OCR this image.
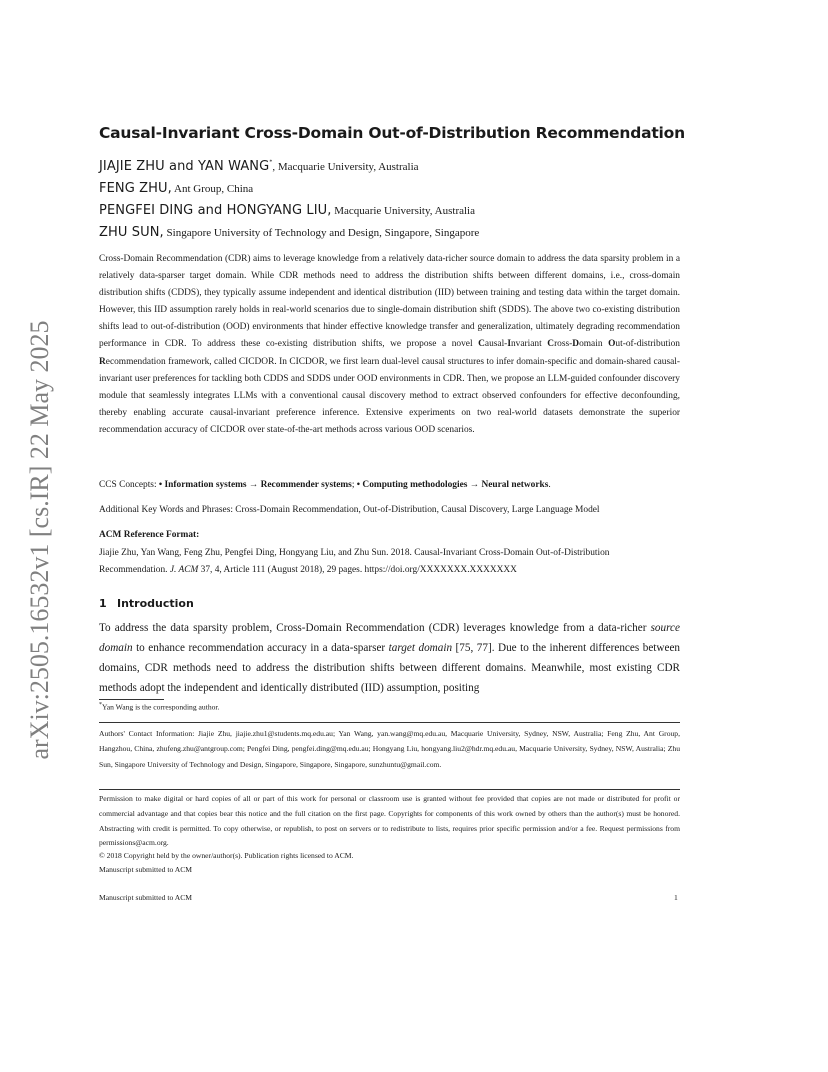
arXiv:2505.16532v1 [cs.IR] 22 May 2025
Causal-Invariant Cross-Domain Out-of-Distribution Recommendation
JIAJIE ZHU and YAN WANG*, Macquarie University, Australia
FENG ZHU, Ant Group, China
PENGFEI DING and HONGYANG LIU, Macquarie University, Australia
ZHU SUN, Singapore University of Technology and Design, Singapore, Singapore
Cross-Domain Recommendation (CDR) aims to leverage knowledge from a relatively data-richer source domain to address the data sparsity problem in a relatively data-sparser target domain. While CDR methods need to address the distribution shifts between different domains, i.e., cross-domain distribution shifts (CDDS), they typically assume independent and identical distribution (IID) between training and testing data within the target domain. However, this IID assumption rarely holds in real-world scenarios due to single-domain distribution shift (SDDS). The above two co-existing distribution shifts lead to out-of-distribution (OOD) environments that hinder effective knowledge transfer and generalization, ultimately degrading recommendation performance in CDR. To address these co-existing distribution shifts, we propose a novel Causal-Invariant Cross-Domain Out-of-distribution Recommendation framework, called CICDOR. In CICDOR, we first learn dual-level causal structures to infer domain-specific and domain-shared causal-invariant user preferences for tackling both CDDS and SDDS under OOD environments in CDR. Then, we propose an LLM-guided confounder discovery module that seamlessly integrates LLMs with a conventional causal discovery method to extract observed confounders for effective deconfounding, thereby enabling accurate causal-invariant preference inference. Extensive experiments on two real-world datasets demonstrate the superior recommendation accuracy of CICDOR over state-of-the-art methods across various OOD scenarios.
CCS Concepts: • Information systems → Recommender systems; • Computing methodologies → Neural networks.
Additional Key Words and Phrases: Cross-Domain Recommendation, Out-of-Distribution, Causal Discovery, Large Language Model
ACM Reference Format:
Jiajie Zhu, Yan Wang, Feng Zhu, Pengfei Ding, Hongyang Liu, and Zhu Sun. 2018. Causal-Invariant Cross-Domain Out-of-Distribution Recommendation. J. ACM 37, 4, Article 111 (August 2018), 29 pages. https://doi.org/XXXXXXX.XXXXXXX
1 Introduction
To address the data sparsity problem, Cross-Domain Recommendation (CDR) leverages knowledge from a data-richer source domain to enhance recommendation accuracy in a data-sparser target domain [75, 77]. Due to the inherent differences between domains, CDR methods need to address the distribution shifts between different domains. Meanwhile, most existing CDR methods adopt the independent and identically distributed (IID) assumption, positing
*Yan Wang is the corresponding author.
Authors' Contact Information: Jiajie Zhu, jiajie.zhu1@students.mq.edu.au; Yan Wang, yan.wang@mq.edu.au, Macquarie University, Sydney, NSW, Australia; Feng Zhu, Ant Group, Hangzhou, China, zhufeng.zhu@antgroup.com; Pengfei Ding, pengfei.ding@mq.edu.au; Hongyang Liu, hongyang.liu2@hdr.mq.edu.au, Macquarie University, Sydney, NSW, Australia; Zhu Sun, Singapore University of Technology and Design, Singapore, Singapore, Singapore, sunzhuntu@gmail.com.
Permission to make digital or hard copies of all or part of this work for personal or classroom use is granted without fee provided that copies are not made or distributed for profit or commercial advantage and that copies bear this notice and the full citation on the first page. Copyrights for components of this work owned by others than the author(s) must be honored. Abstracting with credit is permitted. To copy otherwise, or republish, to post on servers or to redistribute to lists, requires prior specific permission and/or a fee. Request permissions from permissions@acm.org.
© 2018 Copyright held by the owner/author(s). Publication rights licensed to ACM.
Manuscript submitted to ACM
Manuscript submitted to ACM	1
